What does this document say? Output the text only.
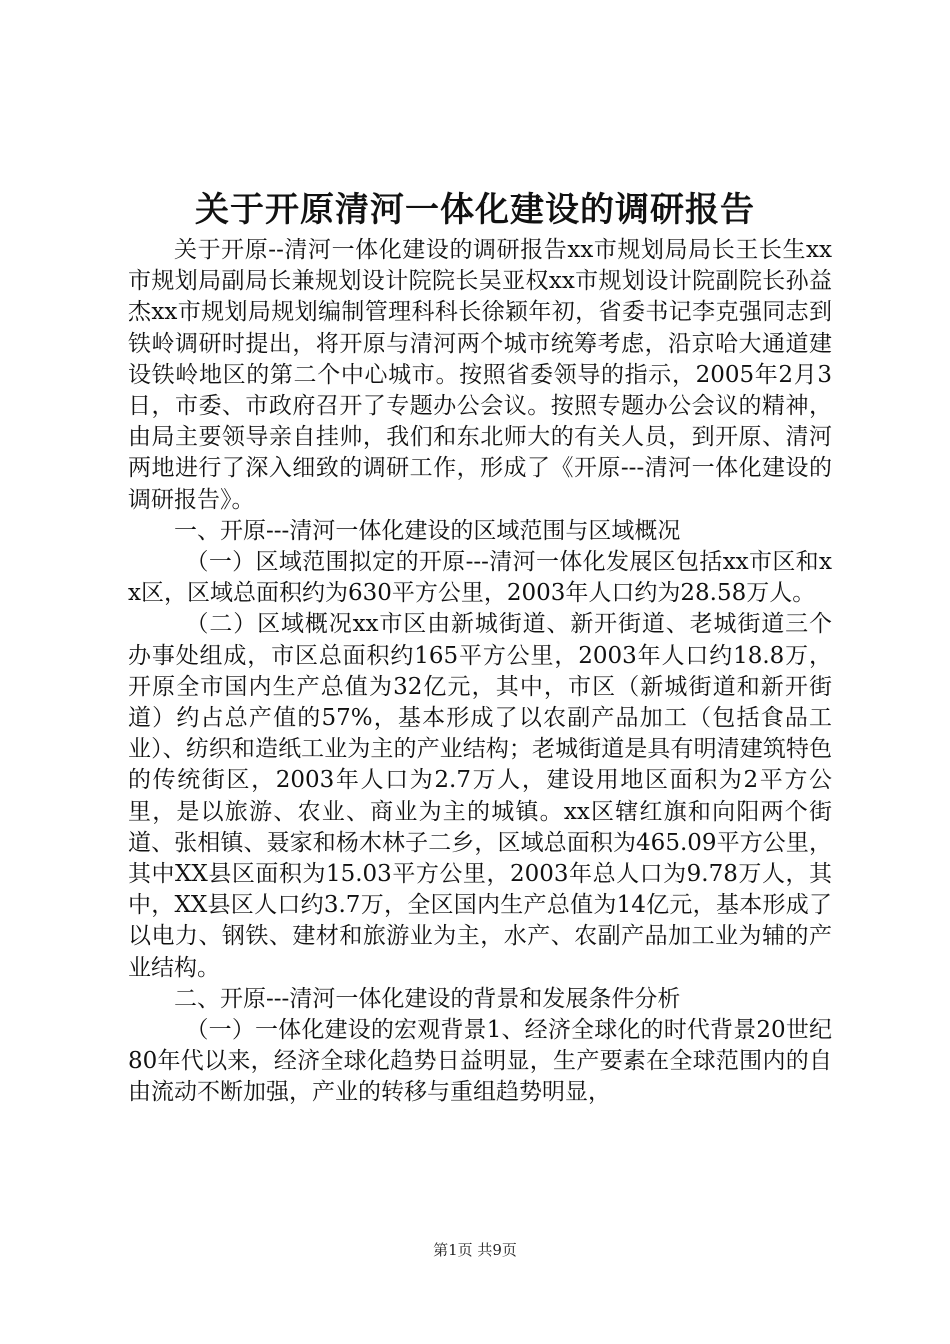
关于开原清河一体化建设的调研报告

关于开原--清河一体化建设的调研报告xx市规划局局长王长生xx市规划局副局长兼规划设计院院长吴亚权xx市规划设计院副院长孙益杰xx市规划局规划编制管理科科长徐颖年初，省委书记李克强同志到铁岭调研时提出，将开原与清河两个城市统筹考虑，沿京哈大通道建设铁岭地区的第二个中心城市。按照省委领导的指示，2005年2月3日，市委、市政府召开了专题办公会议。按照专题办公会议的精神，由局主要领导亲自挂帅，我们和东北师大的有关人员，到开原、清河两地进行了深入细致的调研工作，形成了《开原---清河一体化建设的调研报告》。

一、开原---清河一体化建设的区域范围与区域概况

（一）区域范围拟定的开原---清河一体化发展区包括xx市区和xx区，区域总面积约为630平方公里，2003年人口约为28.58万人。

（二）区域概况xx市区由新城街道、新开街道、老城街道三个办事处组成，市区总面积约165平方公里，2003年人口约18.8万，开原全市国内生产总值为32亿元，其中，市区（新城街道和新开街道）约占总产值的57%，基本形成了以农副产品加工（包括食品工业）、纺织和造纸工业为主的产业结构；老城街道是具有明清建筑特色的传统街区，2003年人口为2.7万人，建设用地区面积为2平方公里，是以旅游、农业、商业为主的城镇。xx区辖红旗和向阳两个街道、张相镇、聂家和杨木林子二乡，区域总面积为465.09平方公里，其中XX县区面积为15.03平方公里，2003年总人口为9.78万人，其中，XX县区人口约3.7万，全区国内生产总值为14亿元，基本形成了以电力、钢铁、建材和旅游业为主，水产、农副产品加工业为辅的产业结构。

二、开原---清河一体化建设的背景和发展条件分析

（一）一体化建设的宏观背景1、经济全球化的时代背景20世纪80年代以来，经济全球化趋势日益明显，生产要素在全球范围内的自由流动不断加强，产业的转移与重组趋势明显，

第1页 共9页
